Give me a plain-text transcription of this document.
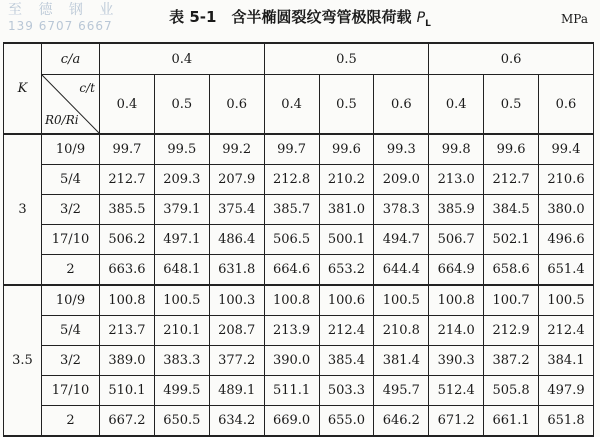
至 德 钢 业
139 6707 6667	表 5-1　含半椭圆裂纹弯管极限荷载 $P_L$	MPa
K	c/a	0.4			0.5			0.6		

	c/t
R0/Ri	0.4	0.5	0.6	0.4	0.5	0.6	0.4	0.5	0.6
3	10/9	99.7	99.5	99.2	99.7	99.6	99.3	99.8	99.6	99.4
	5/4	212.7	209.3	207.9	212.8	210.2	209.0	213.0	212.7	210.6
	3/2	385.5	379.1	375.4	385.7	381.0	378.3	385.9	384.5	380.0
	17/10	506.2	497.1	486.4	506.5	500.1	494.7	506.7	502.1	496.6
	2	663.6	648.1	631.8	664.6	653.2	644.4	664.9	658.6	651.4
3.5	10/9	100.8	100.5	100.3	100.8	100.6	100.5	100.8	100.7	100.5
	5/4	213.7	210.1	208.7	213.9	212.4	210.8	214.0	212.9	212.4
	3/2	389.0	383.3	377.2	390.0	385.4	381.4	390.3	387.2	384.1
	17/10	510.1	499.5	489.1	511.1	503.3	495.7	512.4	505.8	497.9
	2	667.2	650.5	634.2	669.0	655.0	646.2	671.2	661.1	651.8
